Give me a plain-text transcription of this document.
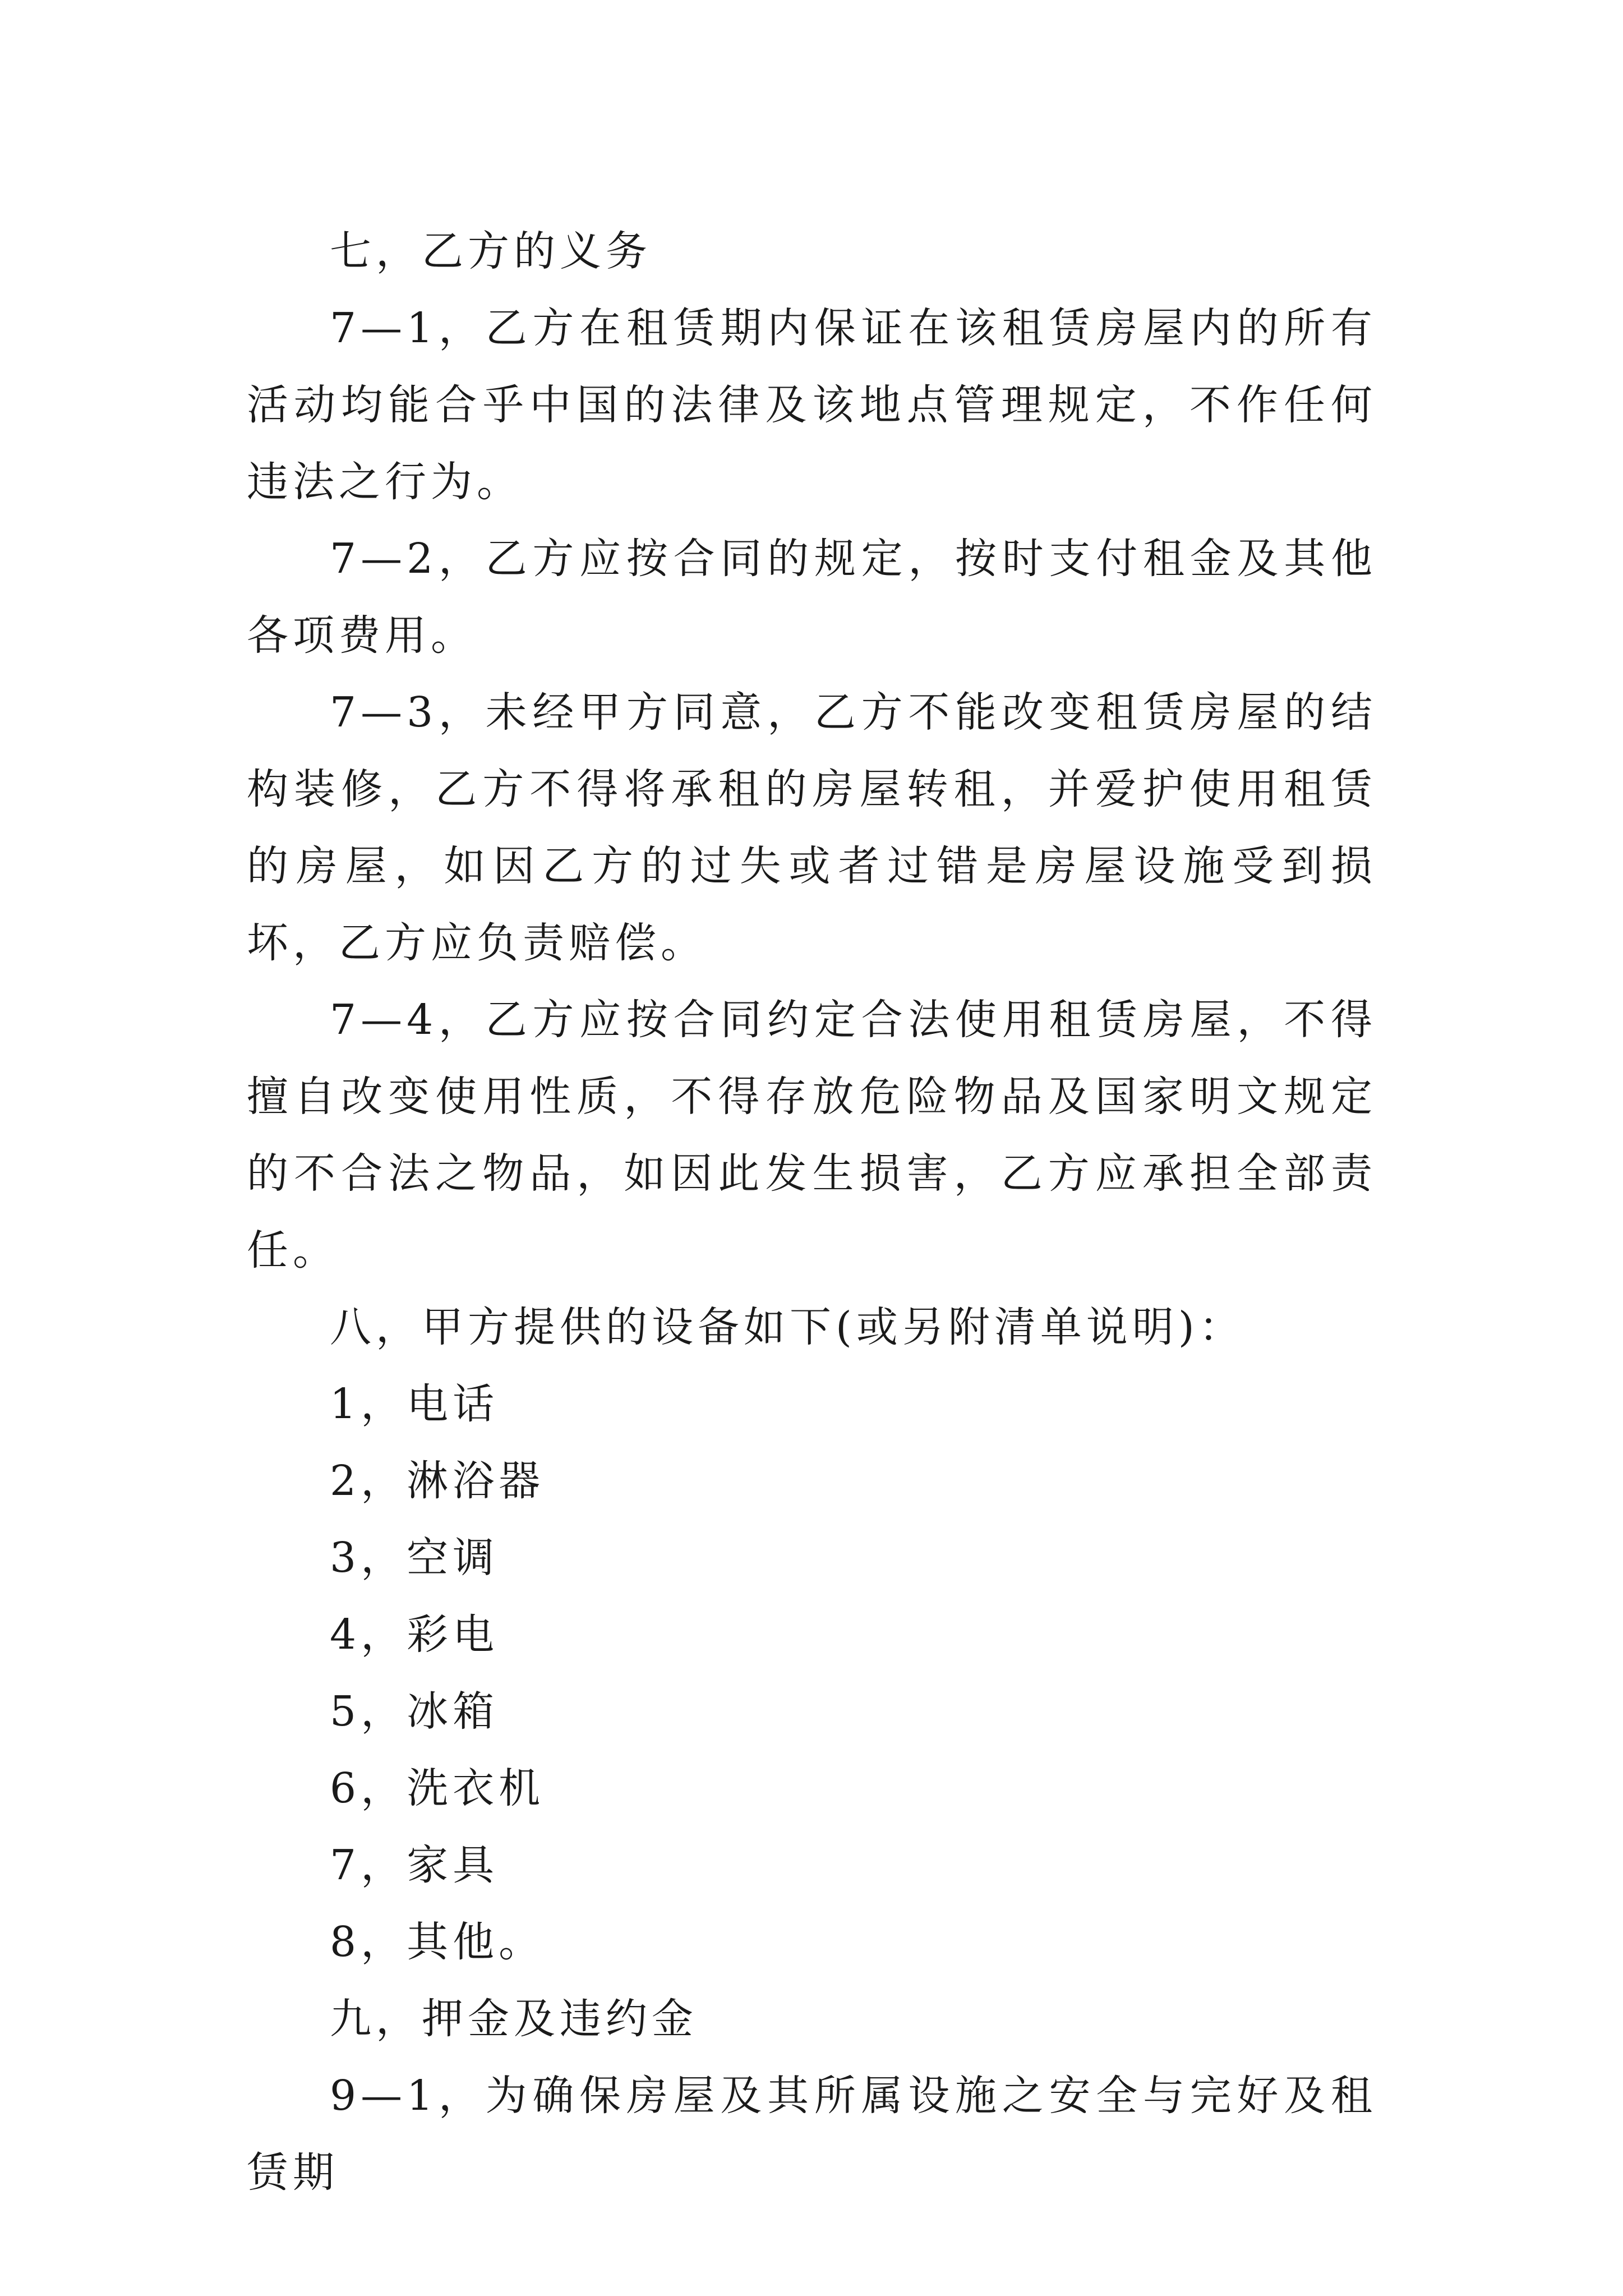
七，乙方的义务

7—1，乙方在租赁期内保证在该租赁房屋内的所有活动均能合乎中国的法律及该地点管理规定，不作任何违法之行为。

7—2，乙方应按合同的规定，按时支付租金及其他各项费用。

7—3，未经甲方同意，乙方不能改变租赁房屋的结构装修，乙方不得将承租的房屋转租，并爱护使用租赁的房屋，如因乙方的过失或者过错是房屋设施受到损坏，乙方应负责赔偿。

7—4，乙方应按合同约定合法使用租赁房屋，不得擅自改变使用性质，不得存放危险物品及国家明文规定的不合法之物品，如因此发生损害，乙方应承担全部责任。

八，甲方提供的设备如下(或另附清单说明)：

1，电话

2，淋浴器

3，空调

4，彩电

5，冰箱

6，洗衣机

7，家具

8，其他。

九，押金及违约金

9—1，为确保房屋及其所属设施之安全与完好及租赁期
